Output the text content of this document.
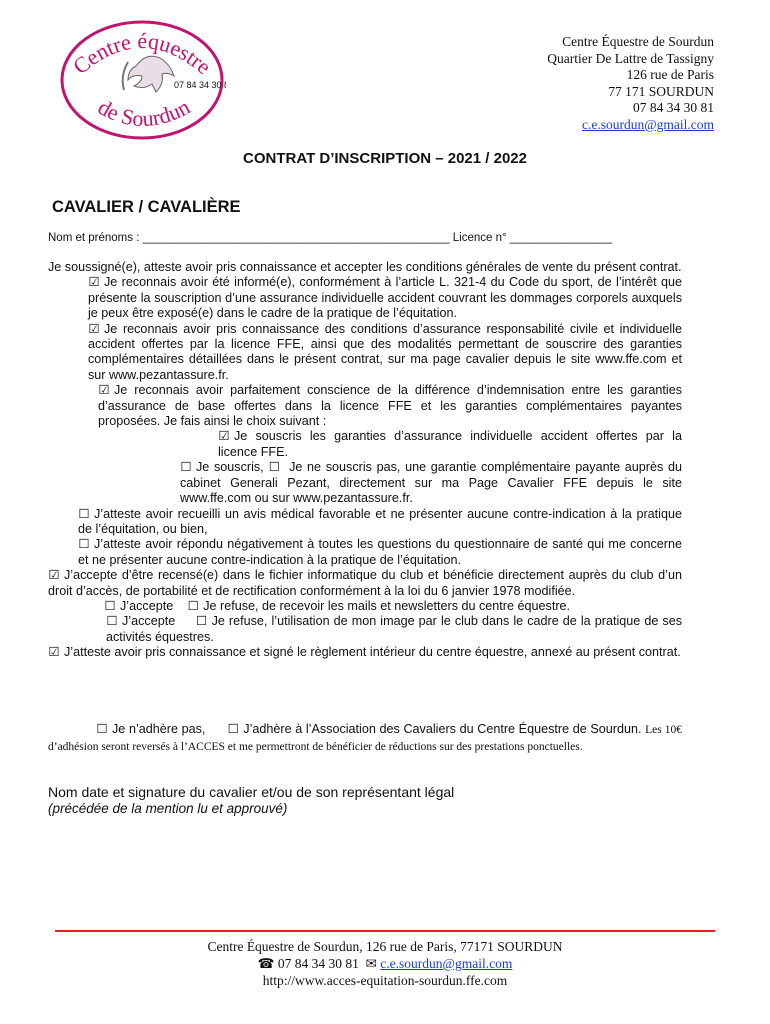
Centre équestre
07 84 34 30
de Sourdun
Centre Équestre de Sourdun
Quartier De Lattre de Tassigny
126 rue de Paris
77 171 SOURDUN
07 84 34 30 81
c.e.sourdun@gmail.com
CONTRAT D’INSCRIPTION – 2021 / 2022
CAVALIER / CAVALIÈRE
Nom et prénoms : ________________________________________________ Licence n° ________________

Je soussigné(e), atteste avoir pris connaissance et accepter les conditions générales de vente du présent contrat.

☑ Je reconnais avoir été informé(e), conformément à l’article L. 321-4 du Code du sport, de l’intérêt que présente la souscription d’une assurance individuelle accident couvrant les dommages corporels auxquels je peux être exposé(e) dans le cadre de la pratique de l’équitation.

☑ Je reconnais avoir pris connaissance des conditions d’assurance responsabilité civile et individuelle accident offertes par la licence FFE, ainsi que des modalités permettant de souscrire des garanties complémentaires détaillées dans le présent contrat, sur ma page cavalier depuis le site www.ffe.com et sur www.pezantassure.fr.

☑ Je reconnais avoir parfaitement conscience de la différence d’indemnisation entre les garanties d’assurance de base offertes dans la licence FFE et les garanties complémentaires payantes proposées. Je fais ainsi le choix suivant :

☑ Je souscris les garanties d’assurance individuelle accident offertes par la licence FFE.

☐ Je souscris, ☐ Je ne souscris pas, une garantie complémentaire payante auprès du cabinet Generali Pezant, directement sur ma Page Cavalier FFE depuis le site www.ffe.com ou sur www.pezantassure.fr.

☐ J’atteste avoir recueilli un avis médical favorable et ne présenter aucune contre-indication à la pratique de l’équitation, ou bien,

☐ J’atteste avoir répondu négativement à toutes les questions du questionnaire de santé qui me concerne et ne présenter aucune contre-indication à la pratique de l’équitation.

☑ J’accepte d’être recensé(e) dans le fichier informatique du club et bénéficie directement auprès du club d’un droit d’accès, de portabilité et de rectification conformément à la loi du 6 janvier 1978 modifiée.

☐ J’accepte ☐ Je refuse, de recevoir les mails et newsletters du centre équestre.

☐ J’accepte ☐ Je refuse, l’utilisation de mon image par le club dans le cadre de la pratique de ses activités équestres.

☑ J’atteste avoir pris connaissance et signé le règlement intérieur du centre équestre, annexé au présent contrat.

☐ Je n’adhère pas, ☐ J’adhère à l’Association des Cavaliers du Centre Équestre de Sourdun. Les 10€ d’adhésion seront reversés à l’ACCES et me permettront de bénéficier de réductions sur des prestations ponctuelles.
Nom date et signature du cavalier et/ou de son représentant légal
(précédée de la mention lu et approuvé)
Centre Équestre de Sourdun, 126 rue de Paris, 77171 SOURDUN
☎ 07 84 34 30 81 ✉ c.e.sourdun@gmail.com
http://www.acces-equitation-sourdun.ffe.com
